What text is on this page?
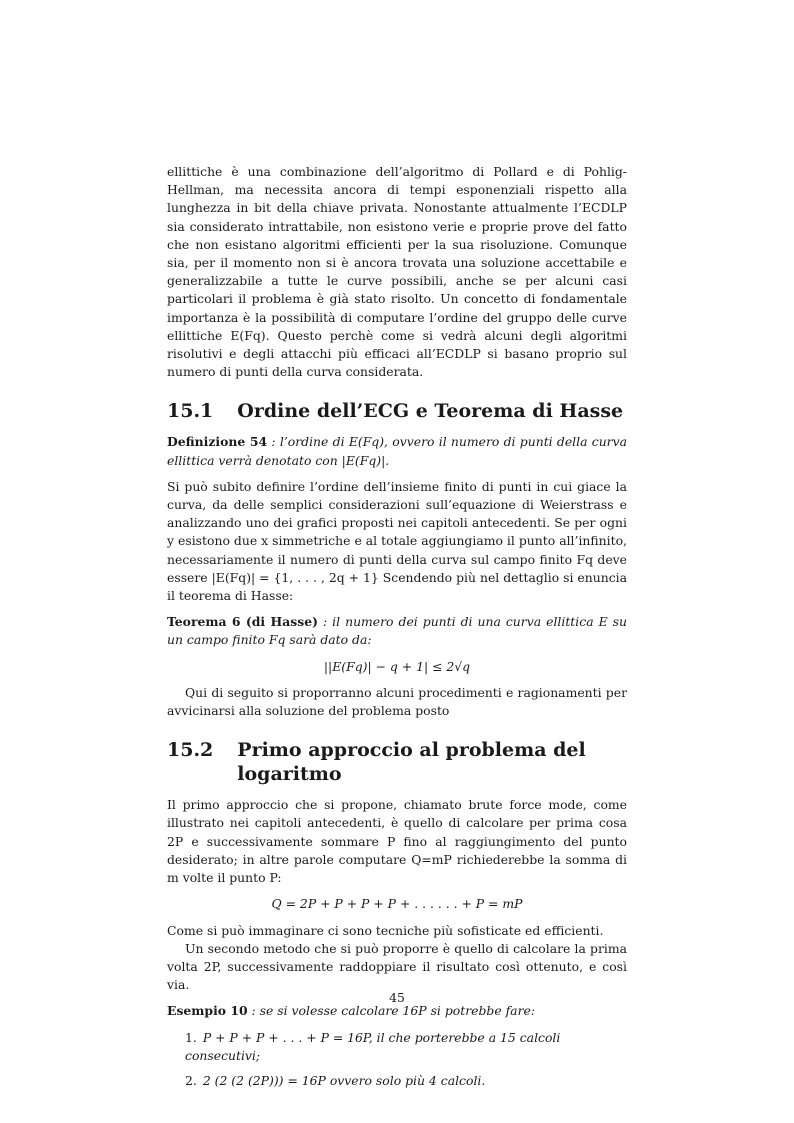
ellittiche è una combinazione dell’algoritmo di Pollard e di Pohlig-Hellman, ma necessita ancora di tempi esponenziali rispetto alla lunghezza in bit della chiave privata. Nonostante attualmente l’ECDLP sia considerato intrattabile, non esistono verie e proprie prove del fatto che non esistano algoritmi efficienti per la sua risoluzione. Comunque sia, per il momento non si è ancora trovata una soluzione accettabile e generalizzabile a tutte le curve possibili, anche se per alcuni casi particolari il problema è già stato risolto. Un concetto di fondamentale importanza è la possibilità di computare l’ordine del gruppo delle curve ellittiche E(Fq). Questo perchè come si vedrà alcuni degli algoritmi risolutivi e degli attacchi più efficaci all’ECDLP si basano proprio sul numero di punti della curva considerata.

15.1 Ordine dell’ECG e Teorema di Hasse
Definizione 54 : l’ordine di E(Fq), ovvero il numero di punti della curva ellittica verrà denotato con |E(Fq)|.

Si può subito definire l’ordine dell’insieme finito di punti in cui giace la curva, da delle semplici considerazioni sull’equazione di Weierstrass e analizzando uno dei grafici proposti nei capitoli antecedenti. Se per ogni y esistono due x simmetriche e al totale aggiungiamo il punto all’infinito, necessariamente il numero di punti della curva sul campo finito Fq deve essere |E(Fq)| = {1, . . . , 2q + 1} Scendendo più nel dettaglio si enuncia il teorema di Hasse:

Teorema 6 (di Hasse) : il numero dei punti di una curva ellittica E su un campo finito Fq sarà dato da:
||E(Fq)| − q + 1| ≤ 2√q

Qui di seguito si proporranno alcuni procedimenti e ragionamenti per avvicinarsi alla soluzione del problema posto

15.2 Primo approccio al problema del logaritmo

Il primo approccio che si propone, chiamato brute force mode, come illustrato nei capitoli antecedenti, è quello di calcolare per prima cosa 2P e successivamente sommare P fino al raggiungimento del punto desiderato; in altre parole computare Q=mP richiederebbe la somma di m volte il punto P:

Q = 2P + P + P + P + . . . . . . + P = mP

Come si può immaginare ci sono tecniche più sofisticate ed efficienti.

Un secondo metodo che si può proporre è quello di calcolare la prima volta 2P, successivamente raddoppiare il risultato così ottenuto, e così via.

Esempio 10 : se si volesse calcolare 16P si potrebbe fare:
1. P + P + P + . . . + P = 16P, il che porterebbe a 15 calcoli consecutivi;
2. 2 (2 (2 (2P))) = 16P ovvero solo più 4 calcoli.
45
